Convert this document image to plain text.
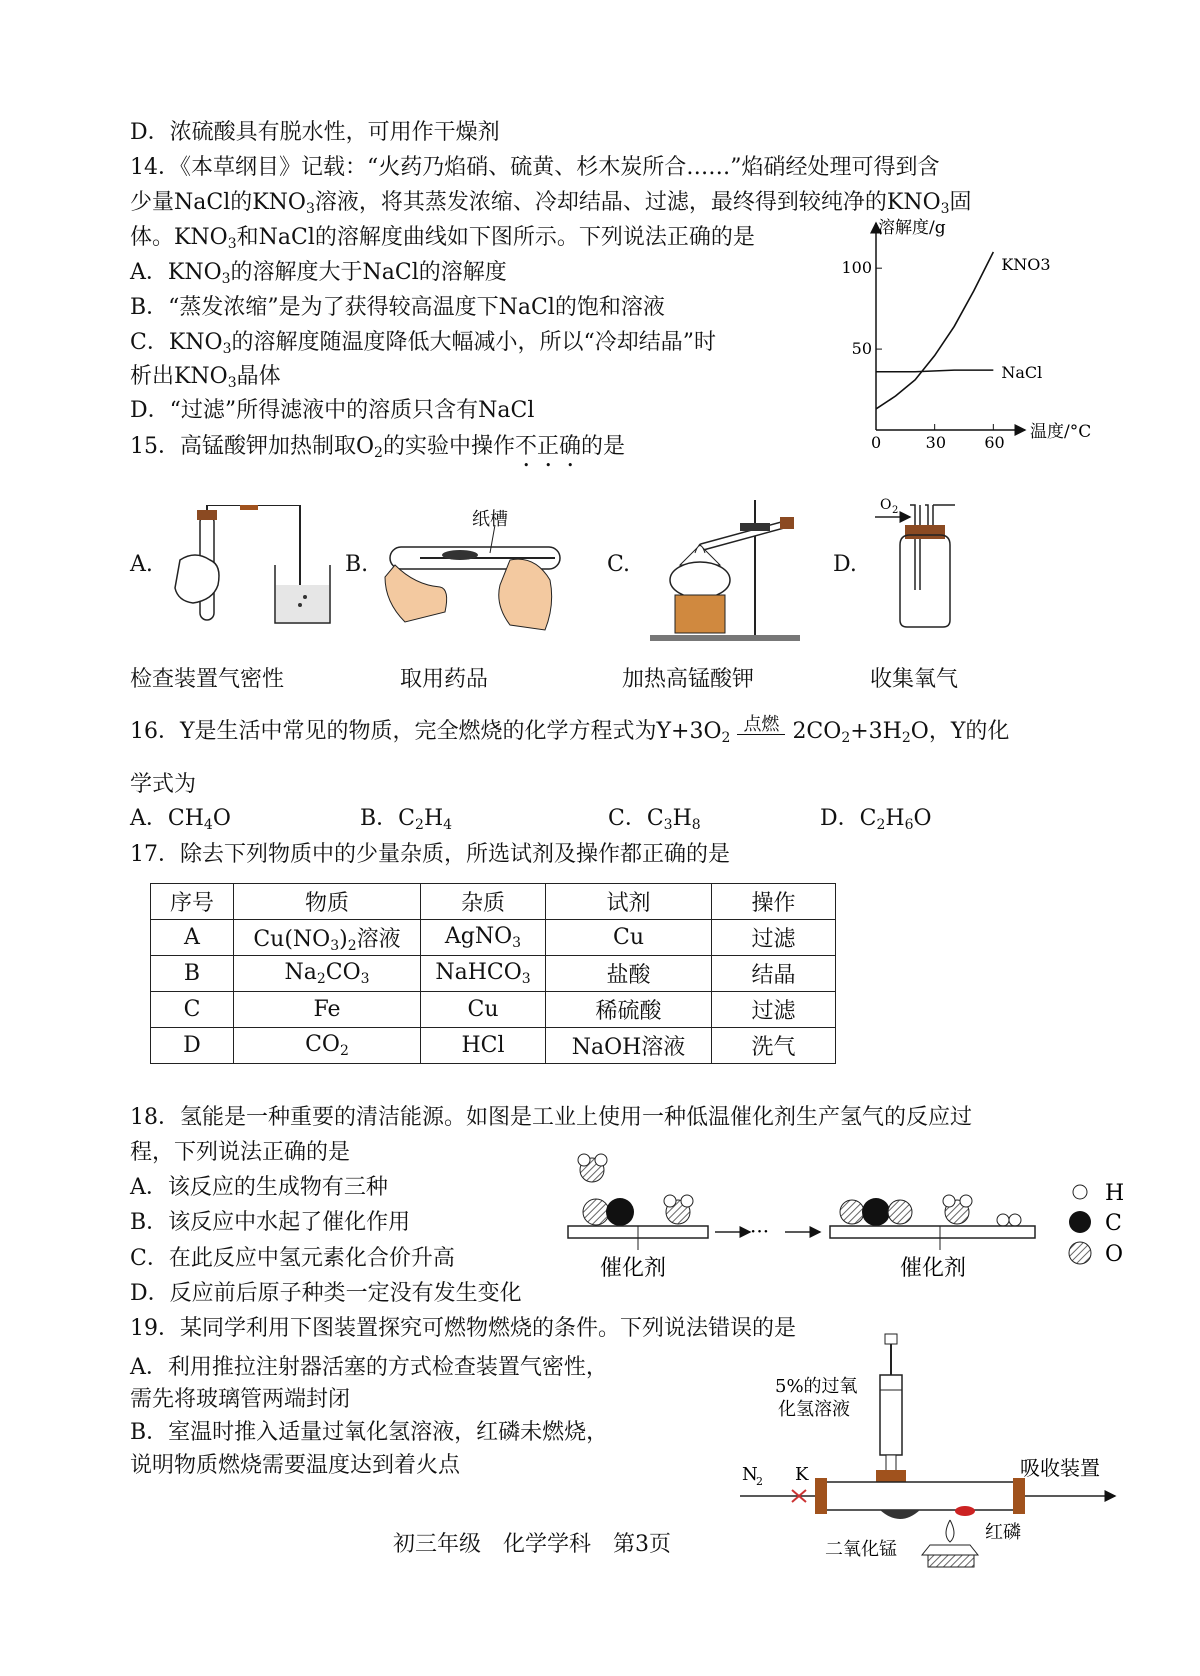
D．浓硫酸具有脱水性，可用作干燥剂
14．《本草纲目》记载：“火药乃焰硝、硫黄、杉木炭所合……”焰硝经处理可得到含
少量NaCl的$KNO_3$溶液，将其蒸发浓缩、冷却结晶、过滤，最终得到较纯净的$KNO_3$固
体。$KNO_3$和NaCl的溶解度曲线如下图所示。下列说法正确的是
A．$KNO_3$的溶解度大于NaCl的溶解度
B．“蒸发浓缩”是为了获得较高温度下NaCl的饱和溶液
C．$KNO_3$的溶解度随温度降低大幅减小，所以“冷却结晶”时
析出$KNO_3$晶体
D．“过滤”所得滤液中的溶质只含有NaCl
溶解度/g
温度/°C
0	30 60
50
100	KNO3
NaCl
15．高锰酸钾加热制取$O_2$的实验中操作不正确的是
A.	B.	C.	D.
纸槽
O 2
检查装置气密性	取用药品	加热高锰酸钾	收集氧气
16．Y是生活中常见的物质，完全燃烧的化学方程式为$Y+3O_2$ 点燃 $2CO_2+3H_2O$，Y的化
学式为
A．$CH_4O$	B．$C_2H_4$	C．$C_3H_8$	D．$C_2H_6O$
17．除去下列物质中的少量杂质，所选试剂及操作都正确的是
序号	物质	杂质	试剂	操作
A	$Cu(NO_3)_2$溶液	AgNO$_3$	Cu	过滤
B	$Na_2CO_3$	NaHCO$_3$	盐酸	结晶
C	Fe	Cu	稀硫酸	过滤
D	$CO_2$	HCl	NaOH溶液	洗气
18．氢能是一种重要的清洁能源。如图是工业上使用一种低温催化剂生产氢气的反应过
程，下列说法正确的是
A．该反应的生成物有三种
B．该反应中水起了催化作用
C．在此反应中氢元素化合价升高
D．反应前后原子种类一定没有发生变化
催化剂
···
催化剂
H
C
O
19．某同学利用下图装置探究可燃物燃烧的条件。下列说法错误的是
A．利用推拉注射器活塞的方式检查装置气密性，
需先将玻璃管两端封闭
B．室温时推入适量过氧化氢溶液，红磷未燃烧，
说明物质燃烧需要温度达到着火点
5%的过氧
化氢溶液
N
2 K	吸收装置
红磷
二氧化锰
初三年级　化学学科　第3页
